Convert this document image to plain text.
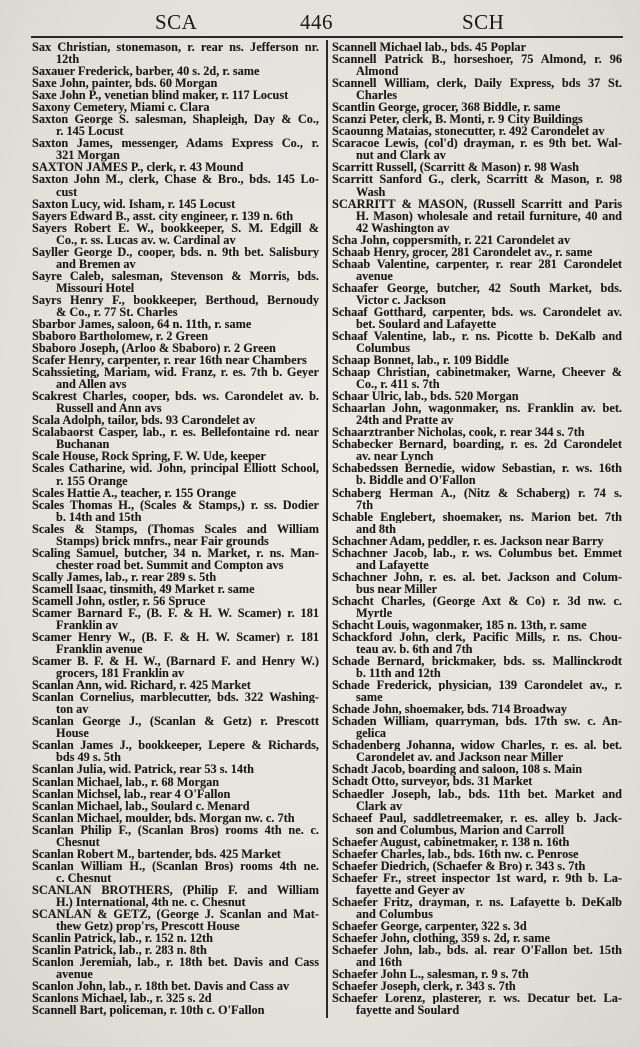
SCA	446	SCH
Sax Christian, stonemason, r. rear ns. Jefferson nr.
12th
Saxauer Frederick, barber, 40 s. 2d, r. same
Saxe John, painter, bds. 60 Morgan
Saxe John P., venetian blind maker, r. 117 Locust
Saxony Cemetery, Miami c. Clara
Saxton George S. salesman, Shapleigh, Day & Co.,
r. 145 Locust
Saxton James, messenger, Adams Express Co., r.
321 Morgan
SAXTON JAMES P., clerk, r. 43 Mound
Saxton John M., clerk, Chase & Bro., bds. 145 Lo-
cust
Saxton Lucy, wid. Isham, r. 145 Locust
Sayers Edward B., asst. city engineer, r. 139 n. 6th
Sayers Robert E. W., bookkeeper, S. M. Edgill &
Co., r. ss. Lucas av. w. Cardinal av
Sayller George D., cooper, bds. n. 9th bet. Salisbury
and Bremen av
Sayre Caleb, salesman, Stevenson & Morris, bds.
Missouri Hotel
Sayrs Henry F., bookkeeper, Berthoud, Bernoudy
& Co., r. 77 St. Charles
Sbarbor James, saloon, 64 n. 11th, r. same
Sbaboro Bartholomew, r. 2 Green
Sbaboro Joseph, (Arloo & Sbaboro) r. 2 Green
Scafer Henry, carpenter, r. rear 16th near Chambers
Scahssieting, Mariam, wid. Franz, r. es. 7th b. Geyer
and Allen avs
Scakrest Charles, cooper, bds. ws. Carondelet av. b.
Russell and Ann avs
Scala Adolph, tailor, bds. 93 Carondelet av
Scalabaorst Casper, lab., r. es. Bellefontaine rd. near
Buchanan
Scale House, Rock Spring, F. W. Ude, keeper
Scales Catharine, wid. John, principal Elliott School,
r. 155 Orange
Scales Hattie A., teacher, r. 155 Orange
Scales Thomas H., (Scales & Stamps,) r. ss. Dodier
b. 14th and 15th
Scales & Stamps, (Thomas Scales and William
Stamps) brick mnfrs., near Fair grounds
Scaling Samuel, butcher, 34 n. Market, r. ns. Man-
chester road bet. Summit and Compton avs
Scally James, lab., r. rear 289 s. 5th
Scamell Isaac, tinsmith, 49 Market r. same
Scamell John, ostler, r. 56 Spruce
Scamer Barnard F., (B. F. & H. W. Scamer) r. 181
Franklin av
Scamer Henry W., (B. F. & H. W. Scamer) r. 181
Franklin avenue
Scamer B. F. & H. W., (Barnard F. and Henry W.)
grocers, 181 Franklin av
Scanlan Ann, wid. Richard, r. 425 Market
Scanlan Cornelius, marblecutter, bds. 322 Washing-
ton av
Scanlan George J., (Scanlan & Getz) r. Prescott
House
Scanlan James J., bookkeeper, Lepere & Richards,
bds 49 s. 5th
Scanlan Julia, wid. Patrick, rear 53 s. 14th
Scanlan Michael, lab., r. 68 Morgan
Scanlan Michsel, lab., rear 4 O'Fallon
Scanlan Michael, lab., Soulard c. Menard
Scanlan Michael, moulder, bds. Morgan nw. c. 7th
Scanlan Philip F., (Scanlan Bros) rooms 4th ne. c.
Chesnut
Scanlan Robert M., bartender, bds. 425 Market
Scanlan William H., (Scanlan Bros) rooms 4th ne.
c. Chesnut
SCANLAN BROTHERS, (Philip F. and William
H.) International, 4th ne. c. Chesnut
SCANLAN & GETZ, (George J. Scanlan and Mat-
thew Getz) prop'rs, Prescott House
Scanlin Patrick, lab., r. 152 n. 12th
Scanlin Patrick, lab., r. 283 n. 8th
Scanlon Jeremiah, lab., r. 18th bet. Davis and Cass
avenue
Scanlon John, lab., r. 18th bet. Davis and Cass av
Scanlons Michael, lab., r. 325 s. 2d
Scannell Bart, policeman, r. 10th c. O'Fallon
Scannell Michael lab., bds. 45 Poplar
Scannell Patrick B., horseshoer, 75 Almond, r. 96
Almond
Scannell William, clerk, Daily Express, bds 37 St.
Charles
Scantlin George, grocer, 368 Biddle, r. same
Scanzi Peter, clerk, B. Monti, r. 9 City Buildings
Scaounng Mataias, stonecutter, r. 492 Carondelet av
Scaracoe Lewis, (col'd) drayman, r. es 9th bet. Wal-
nut and Clark av
Scarritt Russell, (Scarritt & Mason) r. 98 Wash
Scarritt Sanford G., clerk, Scarritt & Mason, r. 98
Wash
SCARRITT & MASON, (Russell Scarritt and Paris
H. Mason) wholesale and retail furniture, 40 and
42 Washington av
Scha John, coppersmith, r. 221 Carondelet av
Schaab Henry, grocer, 281 Carondelet av., r. same
Schaab Valentine, carpenter, r. rear 281 Carondelet
avenue
Schaafer George, butcher, 42 South Market, bds.
Victor c. Jackson
Schaaf Gotthard, carpenter, bds. ws. Carondelet av.
bet. Soulard and Lafayette
Schaaf Valentine, lab., r. ns. Picotte b. DeKalb and
Columbus
Schaap Bonnet, lab., r. 109 Biddle
Schaap Christian, cabinetmaker, Warne, Cheever &
Co., r. 411 s. 7th
Schaar Ulric, lab., bds. 520 Morgan
Schaarlan John, wagonmaker, ns. Franklin av. bet.
24th and Pratte av
Schaarztranber Nicholas, cook, r. rear 344 s. 7th
Schabecker Bernard, boarding, r. es. 2d Carondelet
av. near Lynch
Schabedssen Bernedie, widow Sebastian, r. ws. 16th
b. Biddle and O'Fallon
Schaberg Herman A., (Nitz & Schaberg) r. 74 s.
7th
Schable Englebert, shoemaker, ns. Marion bet. 7th
and 8th
Schachner Adam, peddler, r. es. Jackson near Barry
Schachner Jacob, lab., r. ws. Columbus bet. Emmet
and Lafayette
Schachner John, r. es. al. bet. Jackson and Colum-
bus near Miller
Schacht Charles, (George Axt & Co) r. 3d nw. c.
Myrtle
Schacht Louis, wagonmaker, 185 n. 13th, r. same
Schackford John, clerk, Pacific Mills, r. ns. Chou-
teau av. b. 6th and 7th
Schade Bernard, brickmaker, bds. ss. Mallinckrodt
b. 11th and 12th
Schade Frederick, physician, 139 Carondelet av., r.
same
Schade John, shoemaker, bds. 714 Broadway
Schaden William, quarryman, bds. 17th sw. c. An-
gelica
Schadenberg Johanna, widow Charles, r. es. al. bet.
Carondelet av. and Jackson near Miller
Schadt Jacob, boarding and saloon, 108 s. Main
Schadt Otto, surveyor, bds. 31 Market
Schaedler Joseph, lab., bds. 11th bet. Market and
Clark av
Schaeef Paul, saddletreemaker, r. es. alley b. Jack-
son and Columbus, Marion and Carroll
Schaefer August, cabinetmaker, r. 138 n. 16th
Schaefer Charles, lab., bds. 16th nw. c. Penrose
Schaefer Diedrich, (Schaefer & Bro) r. 343 s. 7th
Schaefer Fr., street inspector 1st ward, r. 9th b. La-
fayette and Geyer av
Schaefer Fritz, drayman, r. ns. Lafayette b. DeKalb
and Columbus
Schaefer George, carpenter, 322 s. 3d
Schaefer John, clothing, 359 s. 2d, r. same
Schaefer John, lab., bds. al. rear O'Fallon bet. 15th
and 16th
Schaefer John L., salesman, r. 9 s. 7th
Schaefer Joseph, clerk, r. 343 s. 7th
Schaefer Lorenz, plasterer, r. ws. Decatur bet. La-
fayette and Soulard
